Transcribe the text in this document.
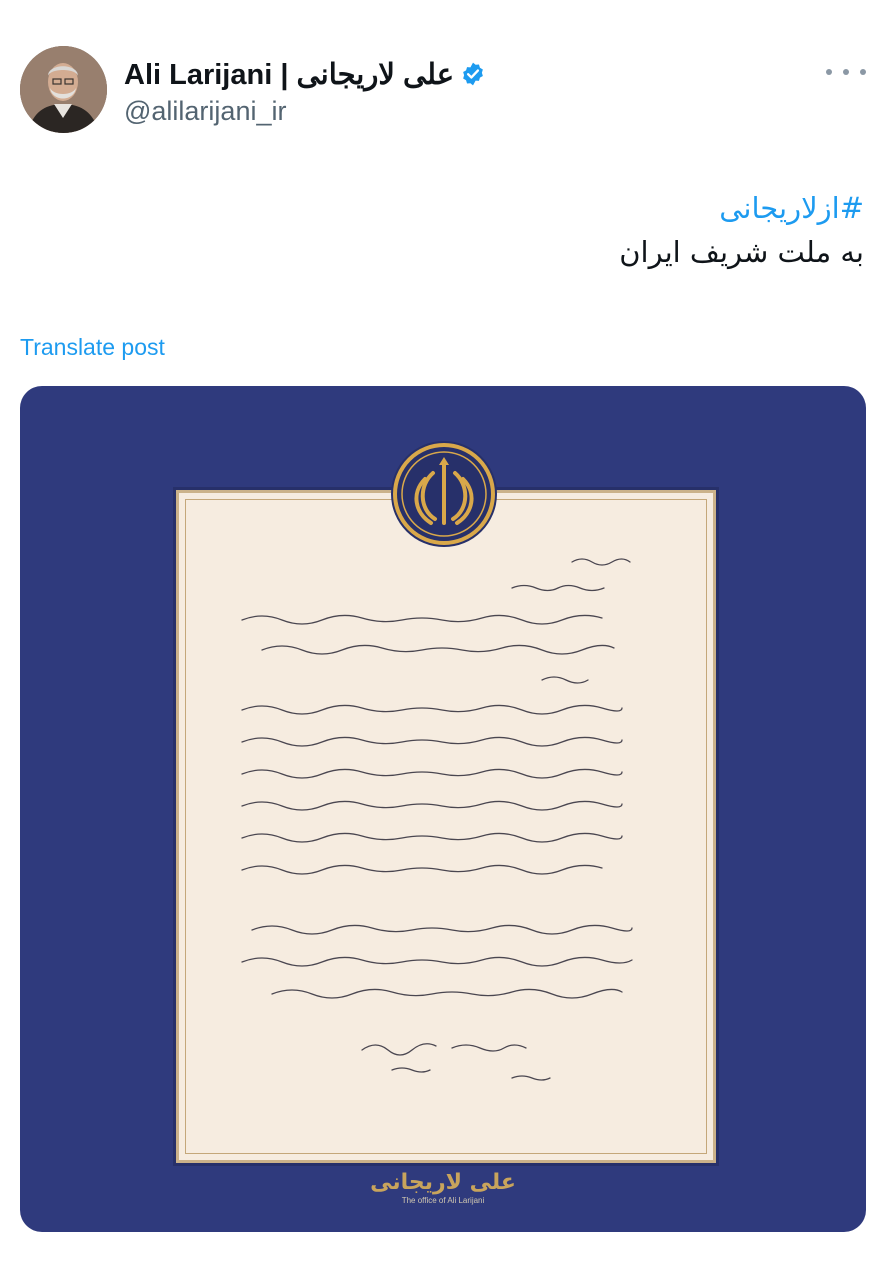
Ali Larijani | علی لاریجانی
@alilarijani_ir
#ازلاریجانی
به ملت شریف ایران
Translate post
علی لاریجانی
The office of Ali Larijani
